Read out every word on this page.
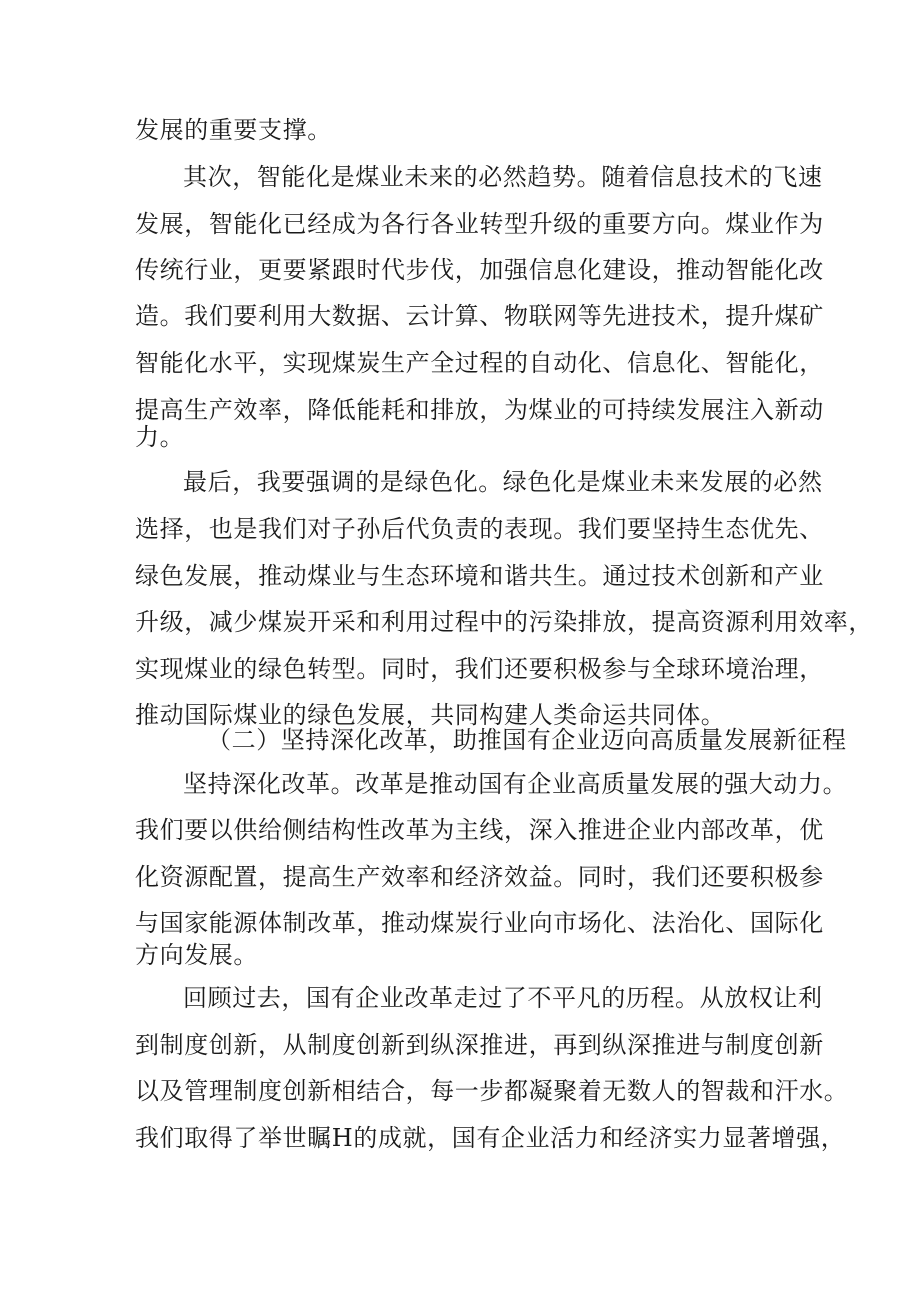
发展的重要支撑。
其次，智能化是煤业未来的必然趋势。随着信息技术的飞速
发展，智能化已经成为各行各业转型升级的重要方向。煤业作为
传统行业，更要紧跟时代步伐，加强信息化建设，推动智能化改
造。我们要利用大数据、云计算、物联网等先进技术，提升煤矿
智能化水平，实现煤炭生产全过程的自动化、信息化、智能化，
提高生产效率，降低能耗和排放，为煤业的可持续发展注入新动
力。
最后，我要强调的是绿色化。绿色化是煤业未来发展的必然
选择，也是我们对子孙后代负责的表现。我们要坚持生态优先、
绿色发展，推动煤业与生态环境和谐共生。通过技术创新和产业
升级，减少煤炭开采和利用过程中的污染排放，提高资源利用效率，
实现煤业的绿色转型。同时，我们还要积极参与全球环境治理，
推动国际煤业的绿色发展，共同构建人类命运共同体。
（二）坚持深化改革，助推国有企业迈向高质量发展新征程
坚持深化改革。改革是推动国有企业高质量发展的强大动力。
我们要以供给侧结构性改革为主线，深入推进企业内部改革，优
化资源配置，提高生产效率和经济效益。同时，我们还要积极参
与国家能源体制改革，推动煤炭行业向市场化、法治化、国际化
方向发展。
回顾过去，国有企业改革走过了不平凡的历程。从放权让利
到制度创新，从制度创新到纵深推进，再到纵深推进与制度创新
以及管理制度创新相结合，每一步都凝聚着无数人的智裁和汗水。
我们取得了举世瞩H的成就，国有企业活力和经济实力显著增强，
